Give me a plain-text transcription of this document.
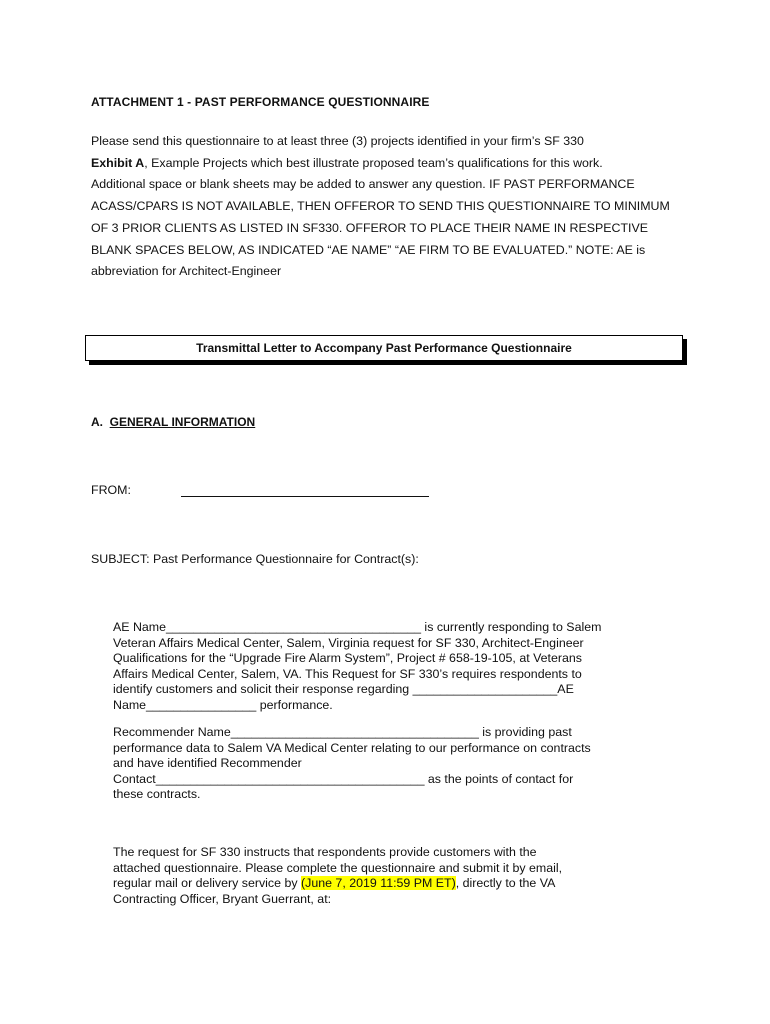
ATTACHMENT 1 - PAST PERFORMANCE QUESTIONNAIRE
Please send this questionnaire to at least three (3) projects identified in your firm’s SF 330
Exhibit A, Example Projects which best illustrate proposed team’s qualifications for this work.
Additional space or blank sheets may be added to answer any question. IF PAST PERFORMANCE
ACASS/CPARS IS NOT AVAILABLE, THEN OFFEROR TO SEND THIS QUESTIONNAIRE TO MINIMUM
OF 3 PRIOR CLIENTS AS LISTED IN SF330. OFFEROR TO PLACE THEIR NAME IN RESPECTIVE
BLANK SPACES BELOW, AS INDICATED “AE NAME” “AE FIRM TO BE EVALUATED.” NOTE: AE is
abbreviation for Architect-Engineer
Transmittal Letter to Accompany Past Performance Questionnaire
A.  GENERAL INFORMATION
FROM:
SUBJECT: Past Performance Questionnaire for Contract(s):
AE Name_____________________________________ is currently responding to Salem
Veteran Affairs Medical Center, Salem, Virginia request for SF 330, Architect-Engineer
Qualifications for the “Upgrade Fire Alarm System”, Project # 658-19-105, at Veterans
Affairs Medical Center, Salem, VA. This Request for SF 330’s requires respondents to
identify customers and solicit their response regarding _____________________AE
Name________________ performance.
Recommender Name____________________________________ is providing past
performance data to Salem VA Medical Center relating to our performance on contracts
and have identified Recommender
Contact_______________________________________ as the points of contact for
these contracts.
The request for SF 330 instructs that respondents provide customers with the
attached questionnaire. Please complete the questionnaire and submit it by email,
regular mail or delivery service by (June 7, 2019 11:59 PM ET), directly to the VA
Contracting Officer, Bryant Guerrant, at:
